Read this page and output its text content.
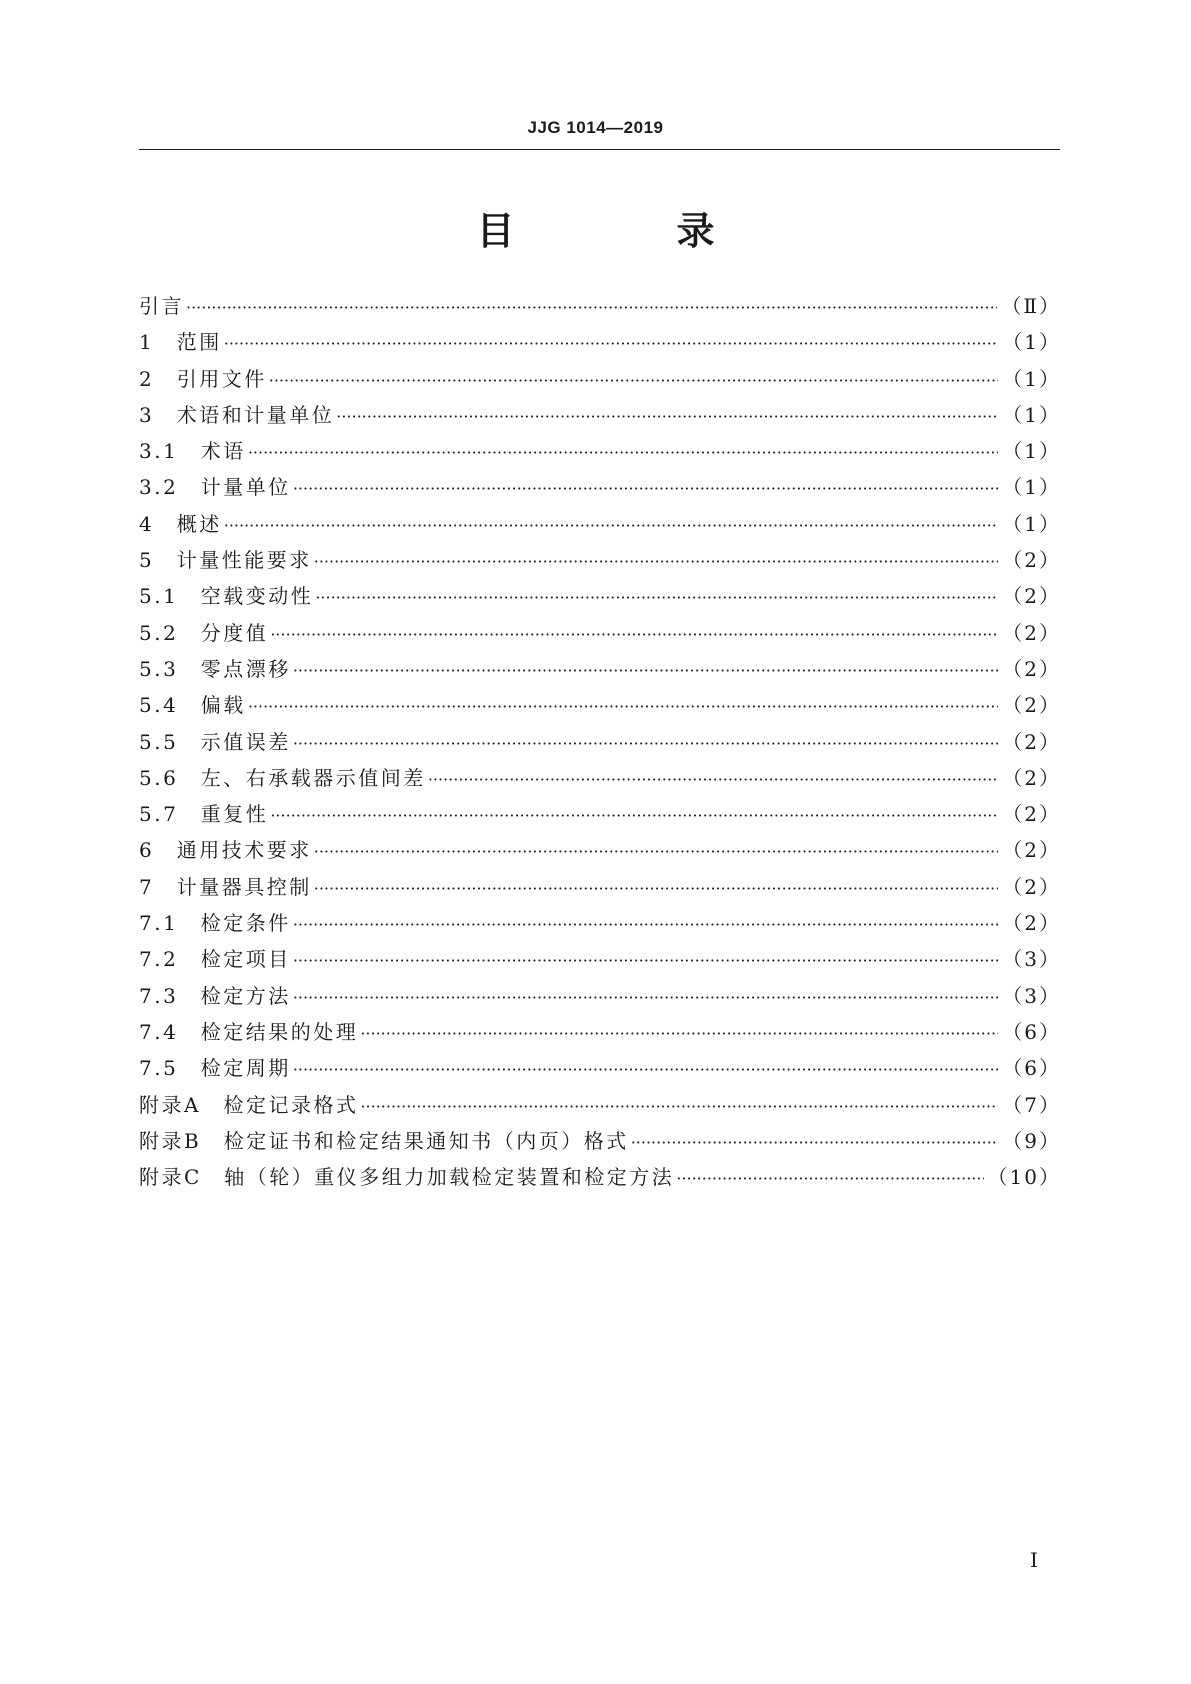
JJG 1014—2019
目　录
引言 ·····	（Ⅱ）
1　范围 ·····	（1）
2　引用文件 ·····	（1）
3　术语和计量单位 ·····	（1）
3.1　术语 ·····	（1）
3.2　计量单位 ·····	（1）
4　概述 ·····	（1）
5　计量性能要求 ·····	（2）
5.1　空载变动性 ·····	（2）
5.2　分度值 ·····	（2）
5.3　零点漂移 ·····	（2）
5.4　偏载 ·····	（2）
5.5　示值误差 ·····	（2）
5.6　左、右承载器示值间差 ·····	（2）
5.7　重复性 ·····	（2）
6　通用技术要求 ·····	（2）
7　计量器具控制 ·····	（2）
7.1　检定条件 ·····	（2）
7.2　检定项目 ·····	（3）
7.3　检定方法 ·····	（3）
7.4　检定结果的处理 ·····	（6）
7.5　检定周期 ·····	（6）
附录A　检定记录格式 ·····	（7）
附录B　检定证书和检定结果通知书（内页）格式 ·····	（9）
附录C　轴（轮）重仪多组力加载检定装置和检定方法 ·····	（10）
Ⅰ
